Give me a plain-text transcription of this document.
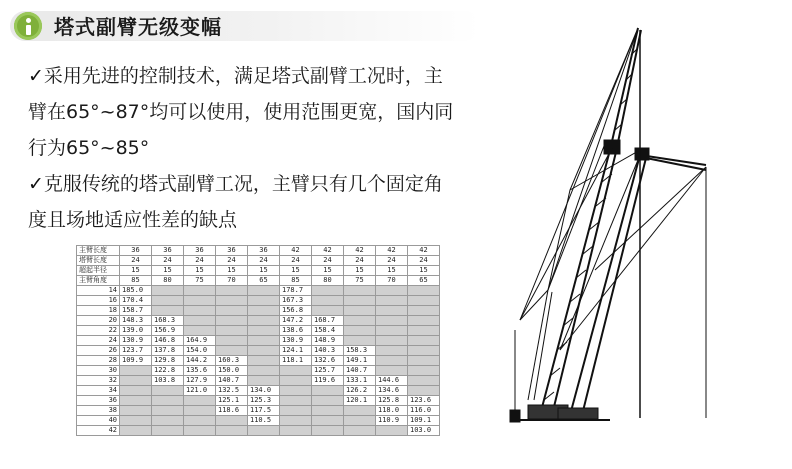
塔式副臂无级变幅

✓采用先进的控制技术，满足塔式副臂工况时，主
臂在65°~87°均可以使用，使用范围更宽，国内同
行为65°~85°

✓克服传统的塔式副臂工况，主臂只有几个固定角
度且场地适应性差的缺点

主臂长度	36	36	36	36	36	42	42	42	42	42
塔臂长度	24	24	24	24	24	24	24	24	24	24
超起半径	15	15	15	15	15	15	15	15	15	15
主臂角度	85	80	75	70	65	85	80	75	70	65
14	185.0					178.7				
16	170.4					167.3				
18	158.7					156.8				
20	148.3	168.3				147.2	168.7			
22	139.0	156.9				138.6	158.4			
24	130.9	146.8	164.9			130.9	148.9			
26	123.7	137.8	154.0			124.1	140.3	158.3		
28	109.9	129.8	144.2	160.3		118.1	132.6	149.1		
30		122.8	135.6	150.0			125.7	140.7		
32		103.8	127.9	140.7			119.6	133.1	144.6	
34			121.0	132.5	134.0			126.2	134.6	
36				125.1	125.3			120.1	125.8	123.6
38				118.6	117.5				118.0	116.0
40					110.5				110.9	109.1
42										103.0
